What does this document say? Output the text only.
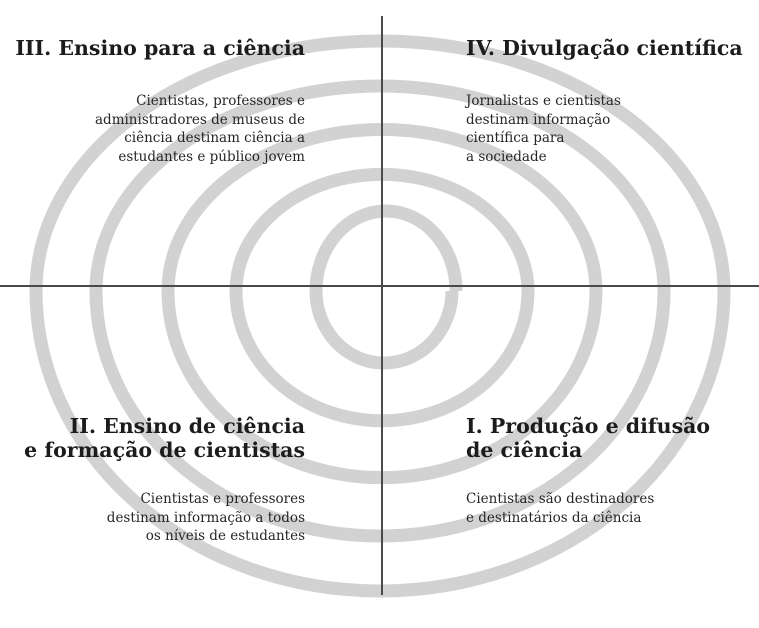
III. Ensino para a ciência

Cientistas, professores e
administradores de museus de
ciência destinam ciência a
estudantes e público jovem

IV. Divulgação científica

Jornalistas e cientistas
destinam informação
científica para
a sociedade

II. Ensino de ciência
e formação de cientistas

Cientistas e professores
destinam informação a todos
os níveis de estudantes

I. Produção e difusão
de ciência

Cientistas são destinadores
e destinatários da ciência
